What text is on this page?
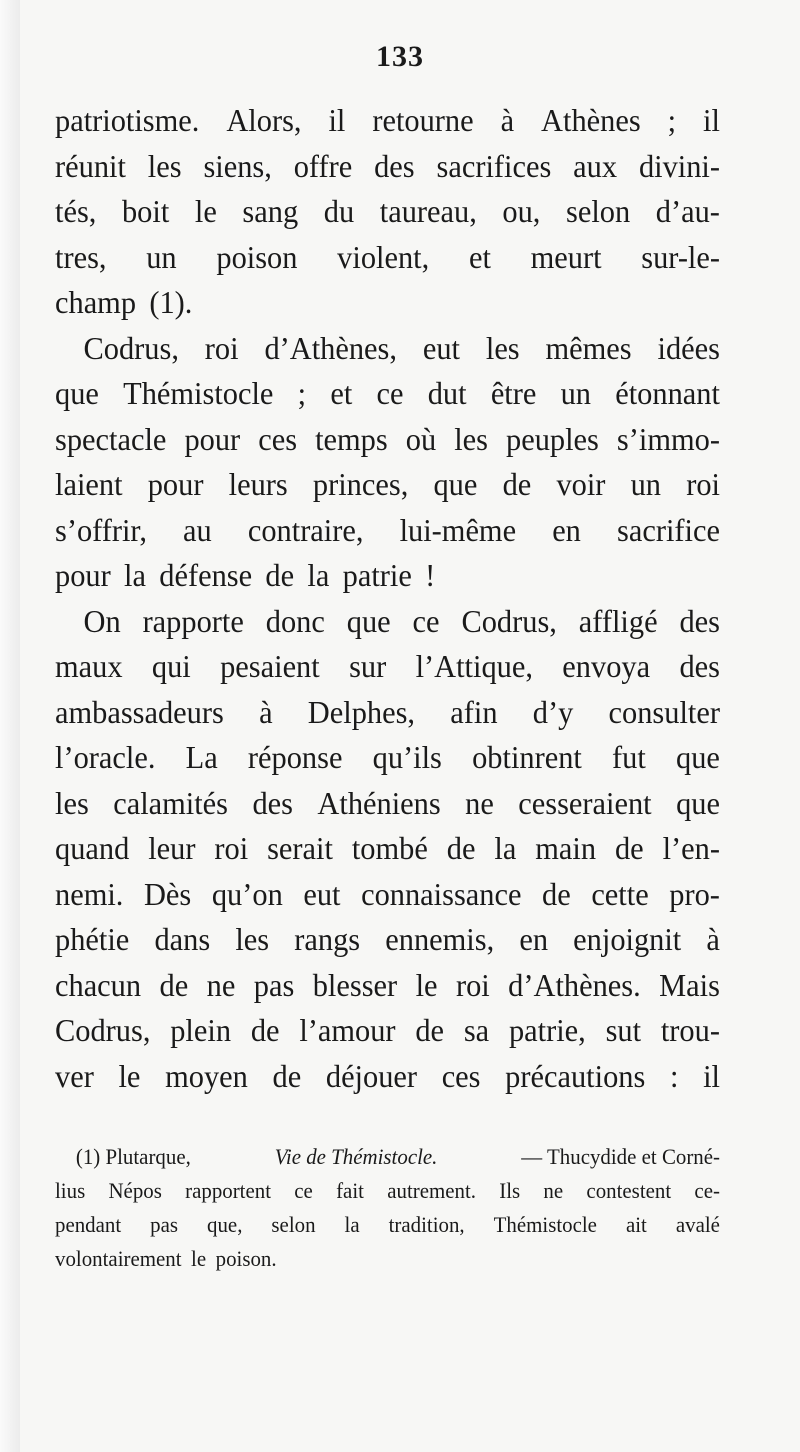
133
patriotisme. Alors, il retourne à Athènes ; il
réunit les siens, offre des sacrifices aux divini-
tés, boit le sang du taureau, ou, selon d’au-
tres, un poison violent, et meurt sur-le-
champ (1).
Codrus, roi d’Athènes, eut les mêmes idées
que Thémistocle ; et ce dut être un étonnant
spectacle pour ces temps où les peuples s’immo-
laient pour leurs princes, que de voir un roi
s’offrir, au contraire, lui-même en sacrifice
pour la défense de la patrie !
On rapporte donc que ce Codrus, affligé des
maux qui pesaient sur l’Attique, envoya des
ambassadeurs à Delphes, afin d’y consulter
l’oracle. La réponse qu’ils obtinrent fut que
les calamités des Athéniens ne cesseraient que
quand leur roi serait tombé de la main de l’en-
nemi. Dès qu’on eut connaissance de cette pro-
phétie dans les rangs ennemis, en enjoignit à
chacun de ne pas blesser le roi d’Athènes. Mais
Codrus, plein de l’amour de sa patrie, sut trou-
ver le moyen de déjouer ces précautions : il
(1) Plutarque,	Vie de Thémistocle.	— Thucydide et Corné-
lius Népos rapportent ce fait autrement. Ils ne contestent ce-
pendant pas que, selon la tradition, Thémistocle ait avalé
volontairement le poison.
